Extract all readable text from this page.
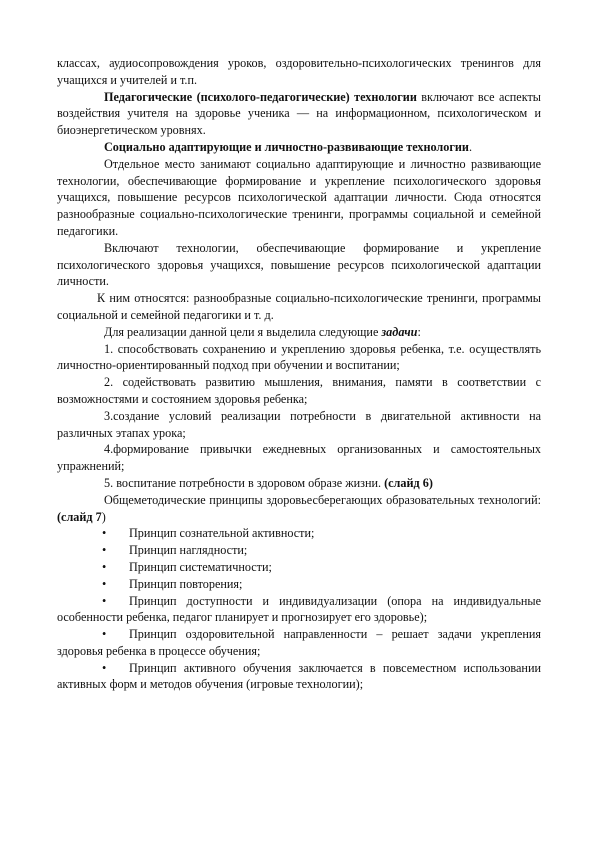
классах, аудиосопровождения уроков, оздоровительно-психологических тренингов для учащихся и учителей и т.п.

Педагогические (психолого-педагогические) технологии включают все аспекты воздействия учителя на здоровье ученика — на информационном, психологическом и биоэнергетическом уровнях.

Социально адаптирующие и личностно-развивающие технологии.

Отдельное место занимают социально адаптирующие и личностно развивающие технологии, обеспечивающие формирование и укрепление психологического здоровья учащихся, повышение ресурсов психологической адаптации личности. Сюда относятся разнообразные социально-психологические тренинги, программы социальной и семейной педагогики.

Включают технологии, обеспечивающие формирование и укрепление психологического здоровья учащихся, повышение ресурсов психологической адаптации личности.

К ним относятся: разнообразные социально-психологические тренинги, программы социальной и семейной педагогики и т. д.

Для реализации данной цели я выделила следующие задачи:

1. способствовать сохранению и укреплению здоровья ребенка, т.е. осуществлять личностно-ориентированный подход при обучении и воспитании;

2. содействовать развитию мышления, внимания, памяти в соответствии с возможностями и состоянием здоровья ребенка;

3.создание условий реализации потребности в двигательной активности на различных этапах урока;

4.формирование привычки ежедневных организованных и самостоятельных упражнений;

5. воспитание потребности в здоровом образе жизни. (слайд 6)

Общеметодические принципы здоровьесберегающих образовательных технологий: (слайд 7)

• Принцип сознательной активности;
• Принцип наглядности;
• Принцип систематичности;
• Принцип повторения;
• Принцип доступности и индивидуализации (опора на индивидуальные особенности ребенка, педагог планирует и прогнозирует его здоровье);
• Принцип оздоровительной направленности – решает задачи укрепления здоровья ребенка в процессе обучения;
• Принцип активного обучения заключается в повсеместном использовании активных форм и методов обучения (игровые технологии);
